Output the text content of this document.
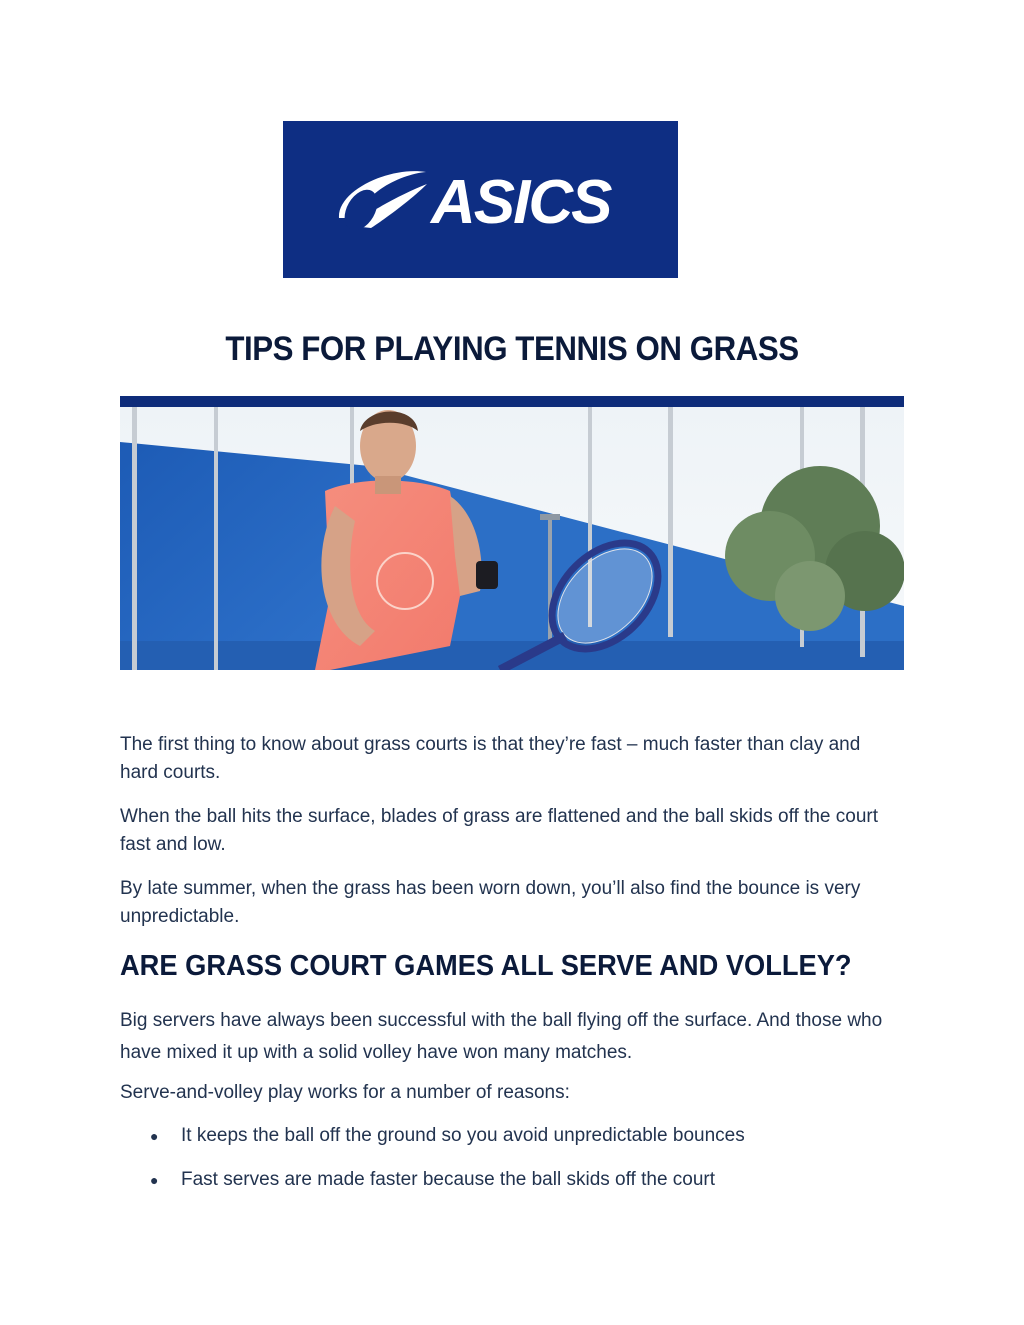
ASICS
TIPS FOR PLAYING TENNIS ON GRASS

The first thing to know about grass courts is that they’re fast – much faster than clay and hard courts.

When the ball hits the surface, blades of grass are flattened and the ball skids off the court fast and low.

By late summer, when the grass has been worn down, you’ll also find the bounce is very unpredictable.

ARE GRASS COURT GAMES ALL SERVE AND VOLLEY?

Big servers have always been successful with the ball flying off the surface. And those who have mixed it up with a solid volley have won many matches.

Serve-and-volley play works for a number of reasons:

● It keeps the ball off the ground so you avoid unpredictable bounces
● Fast serves are made faster because the ball skids off the court
